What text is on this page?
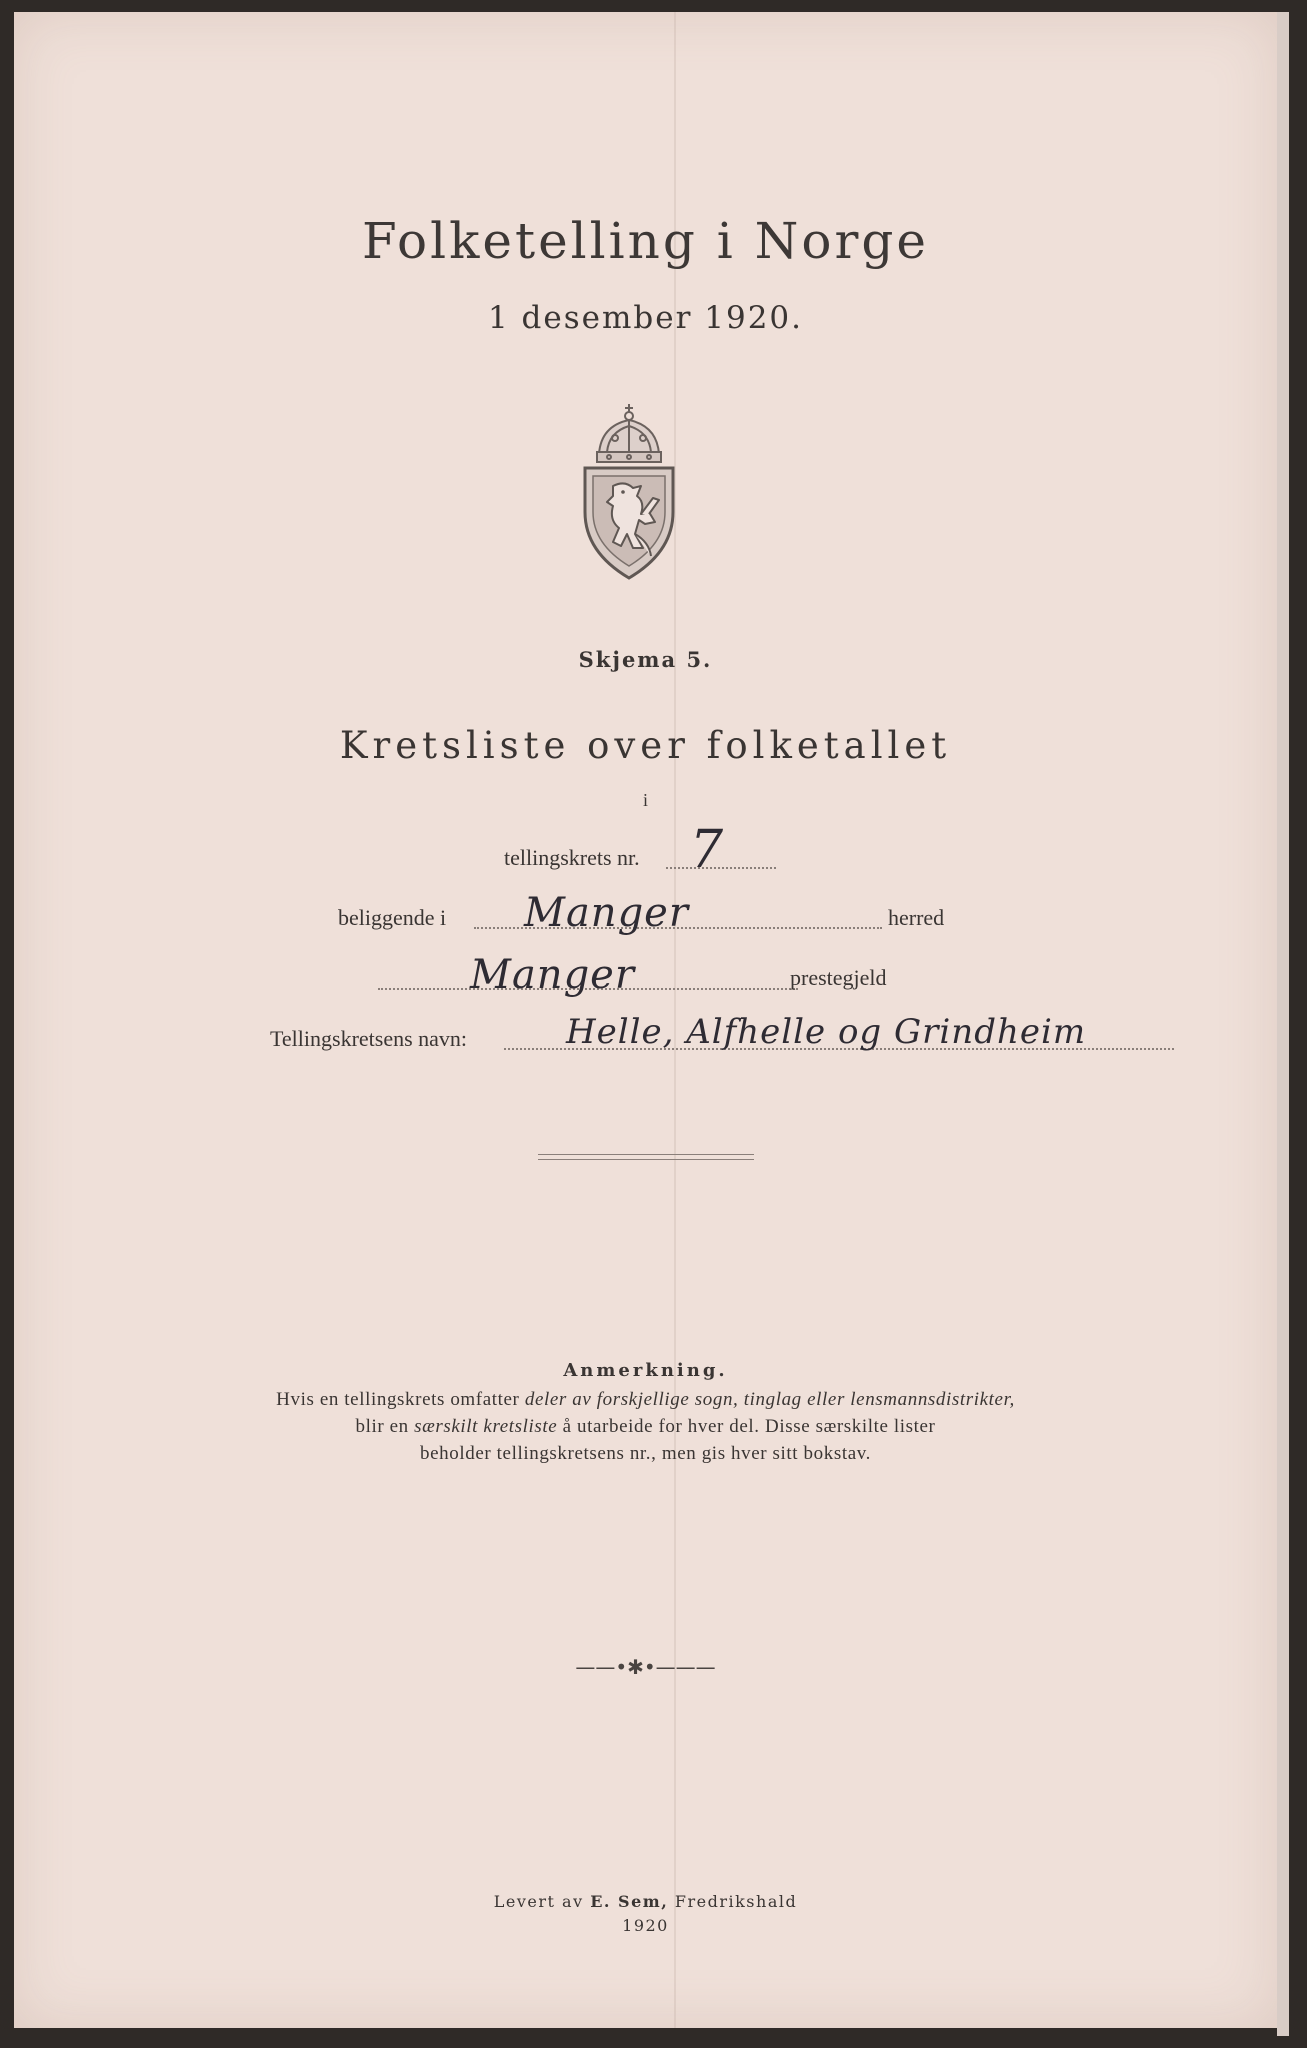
Folketelling i Norge
1 desember 1920.
Skjema 5.
Kretsliste over folketallet
i
tellingskrets nr. 7
beliggende i Manger	herred
Manger	prestegjeld
Tellingskretsens navn:	Helle, Alfhelle og Grindheim
Anmerkning.
Hvis en tellingskrets omfatter deler av forskjellige sogn, tinglag eller lensmannsdistrikter,
blir en særskilt kretsliste å utarbeide for hver del. Disse særskilte lister
beholder tellingskretsens nr., men gis hver sitt bokstav.
——•✱•———
Levert av E. Sem, Fredrikshald
1920
